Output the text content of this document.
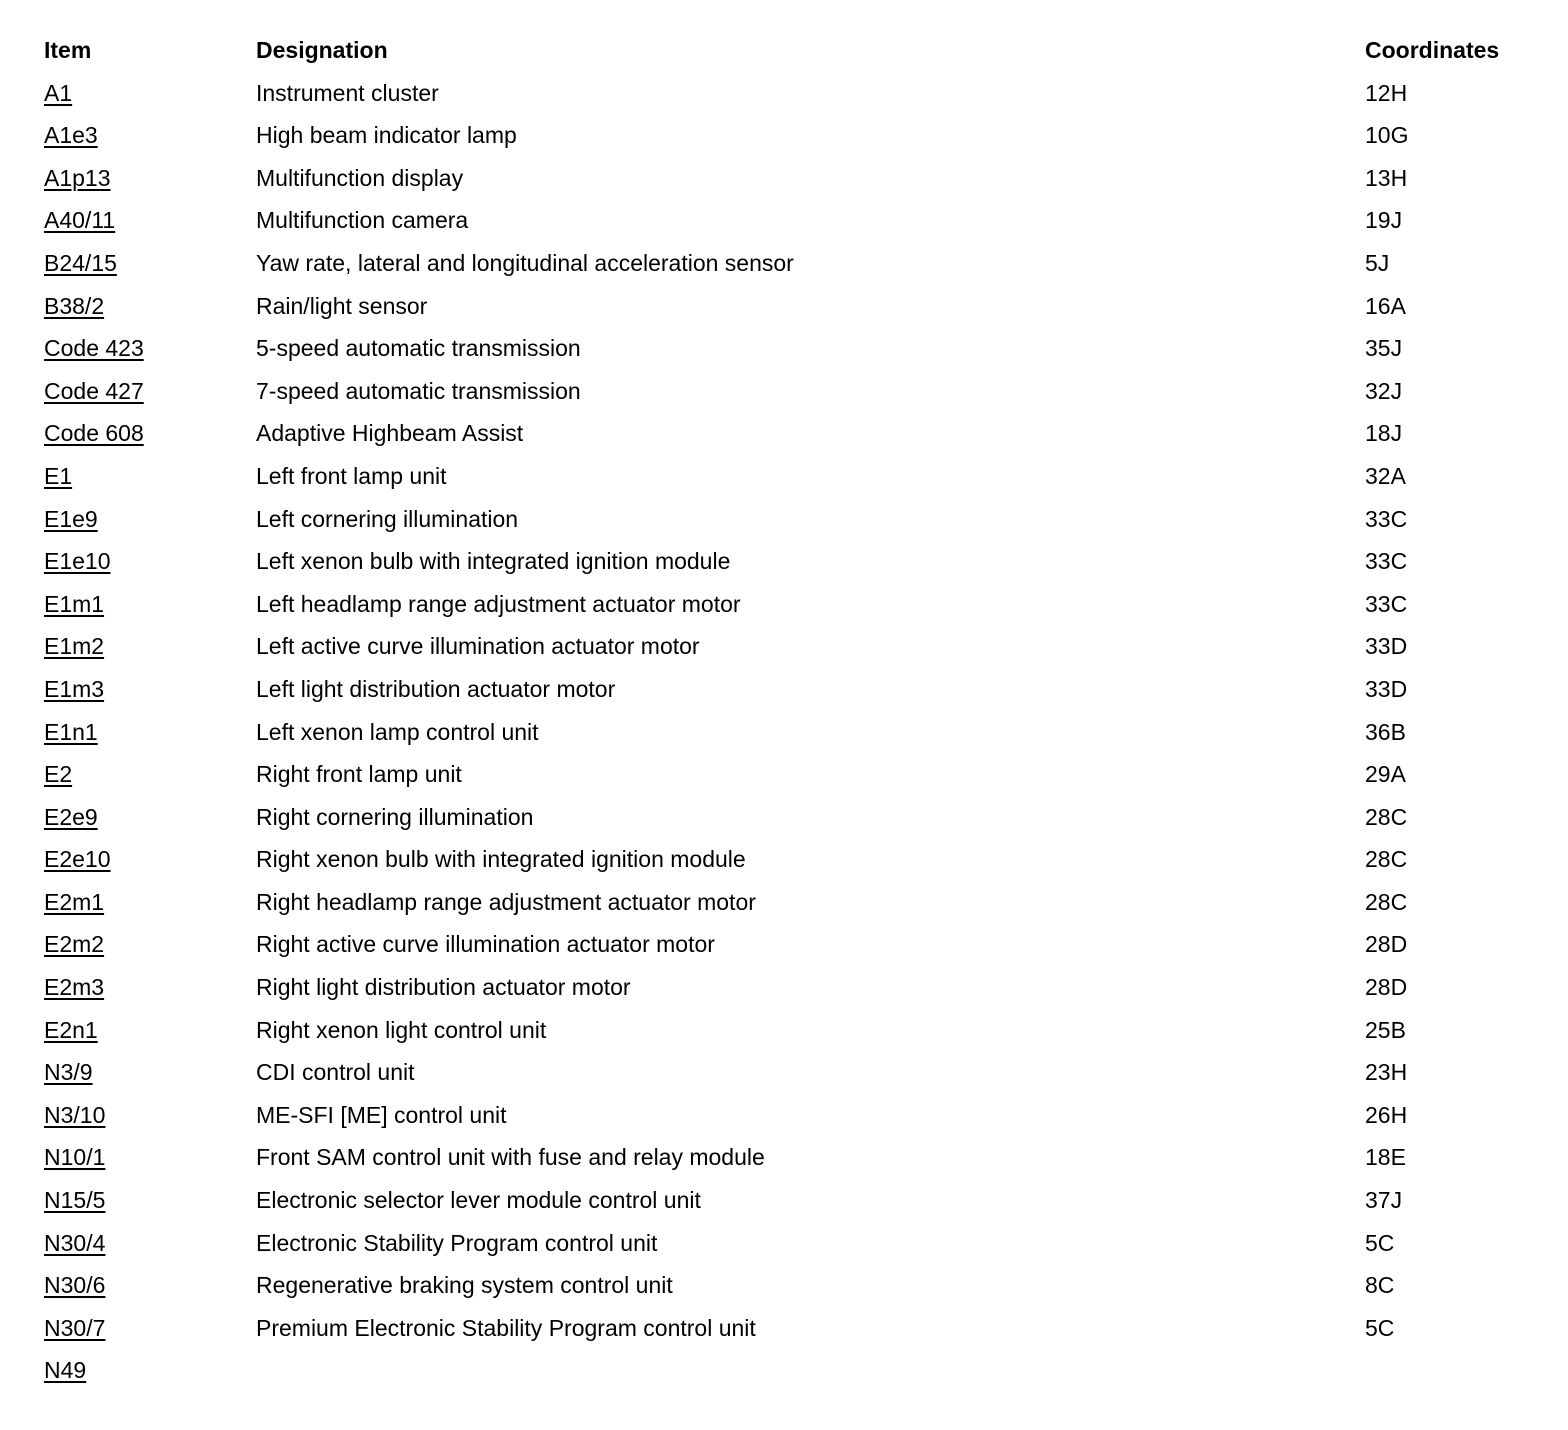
Item	Designation	Coordinates
A1	Instrument cluster	12H
A1e3	High beam indicator lamp	10G
A1p13	Multifunction display	13H
A40/11	Multifunction camera	19J
B24/15	Yaw rate, lateral and longitudinal acceleration sensor	5J
B38/2	Rain/light sensor	16A
Code 423	5-speed automatic transmission	35J
Code 427	7-speed automatic transmission	32J
Code 608	Adaptive Highbeam Assist	18J
E1	Left front lamp unit	32A
E1e9	Left cornering illumination	33C
E1e10	Left xenon bulb with integrated ignition module	33C
E1m1	Left headlamp range adjustment actuator motor	33C
E1m2	Left active curve illumination actuator motor	33D
E1m3	Left light distribution actuator motor	33D
E1n1	Left xenon lamp control unit	36B
E2	Right front lamp unit	29A
E2e9	Right cornering illumination	28C
E2e10	Right xenon bulb with integrated ignition module	28C
E2m1	Right headlamp range adjustment actuator motor	28C
E2m2	Right active curve illumination actuator motor	28D
E2m3	Right light distribution actuator motor	28D
E2n1	Right xenon light control unit	25B
N3/9	CDI control unit	23H
N3/10	ME-SFI [ME] control unit	26H
N10/1	Front SAM control unit with fuse and relay module	18E
N15/5	Electronic selector lever module control unit	37J
N30/4	Electronic Stability Program control unit	5C
N30/6	Regenerative braking system control unit	8C
N30/7	Premium Electronic Stability Program control unit	5C
N49
